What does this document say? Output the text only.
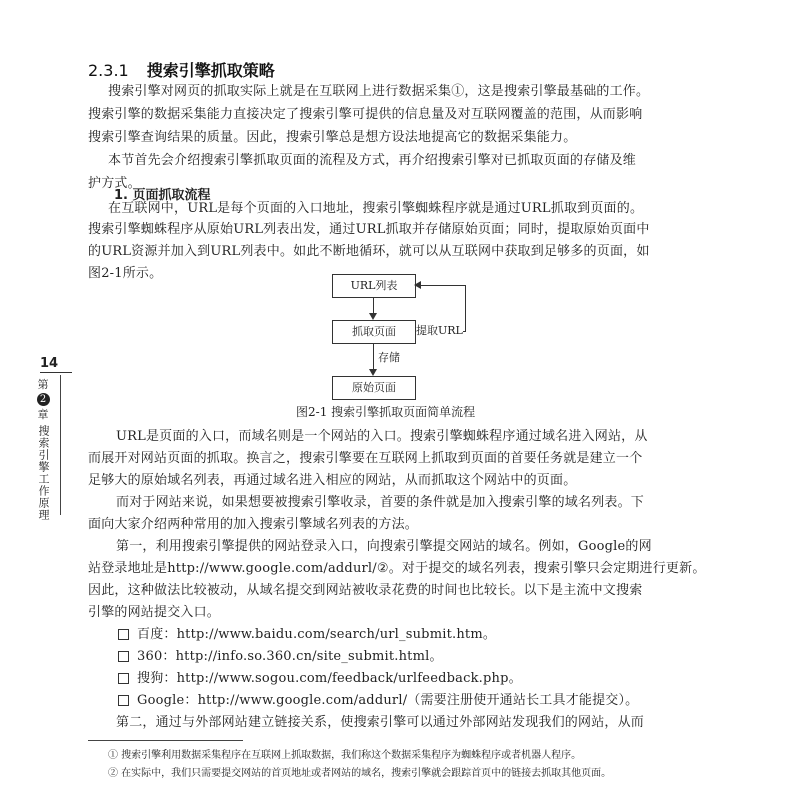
2.3.1 搜索引擎抓取策略
搜索引擎对网页的抓取实际上就是在互联网上进行数据采集①，这是搜索引擎最基础的工作。
搜索引擎的数据采集能力直接决定了搜索引擎可提供的信息量及对互联网覆盖的范围，从而影响
搜索引擎查询结果的质量。因此，搜索引擎总是想方设法地提高它的数据采集能力。
本节首先会介绍搜索引擎抓取页面的流程及方式，再介绍搜索引擎对已抓取页面的存储及维
护方式。
1. 页面抓取流程
在互联网中，URL是每个页面的入口地址，搜索引擎蜘蛛程序就是通过URL抓取到页面的。
搜索引擎蜘蛛程序从原始URL列表出发，通过URL抓取并存储原始页面；同时，提取原始页面中
的URL资源并加入到URL列表中。如此不断地循环，就可以从互联网中获取到足够多的页面，如
图2-1所示。
URL列表
抓取页面
原始页面
存储
提取URL
图2-1 搜索引擎抓取页面简单流程
14
第
2
章
搜索引擎工作原理	URL是页面的入口，而域名则是一个网站的入口。搜索引擎蜘蛛程序通过域名进入网站，从
而展开对网站页面的抓取。换言之，搜索引擎要在互联网上抓取到页面的首要任务就是建立一个
足够大的原始域名列表，再通过域名进入相应的网站，从而抓取这个网站中的页面。
而对于网站来说，如果想要被搜索引擎收录，首要的条件就是加入搜索引擎的域名列表。下
面向大家介绍两种常用的加入搜索引擎域名列表的方法。
第一，利用搜索引擎提供的网站登录入口，向搜索引擎提交网站的域名。例如，Google的网
站登录地址是http://www.google.com/addurl/②。对于提交的域名列表，搜索引擎只会定期进行更新。
因此，这种做法比较被动，从域名提交到网站被收录花费的时间也比较长。以下是主流中文搜索
引擎的网站提交入口。
百度：http://www.baidu.com/search/url_submit.htm。
360：http://info.so.360.cn/site_submit.html。
搜狗：http://www.sogou.com/feedback/urlfeedback.php。
Google：http://www.google.com/addurl/（需要注册使开通站长工具才能提交）。
第二，通过与外部网站建立链接关系，使搜索引擎可以通过外部网站发现我们的网站，从而
① 搜索引擎利用数据采集程序在互联网上抓取数据，我们称这个数据采集程序为蜘蛛程序或者机器人程序。
② 在实际中，我们只需要提交网站的首页地址或者网站的域名，搜索引擎就会跟踪首页中的链接去抓取其他页面。
